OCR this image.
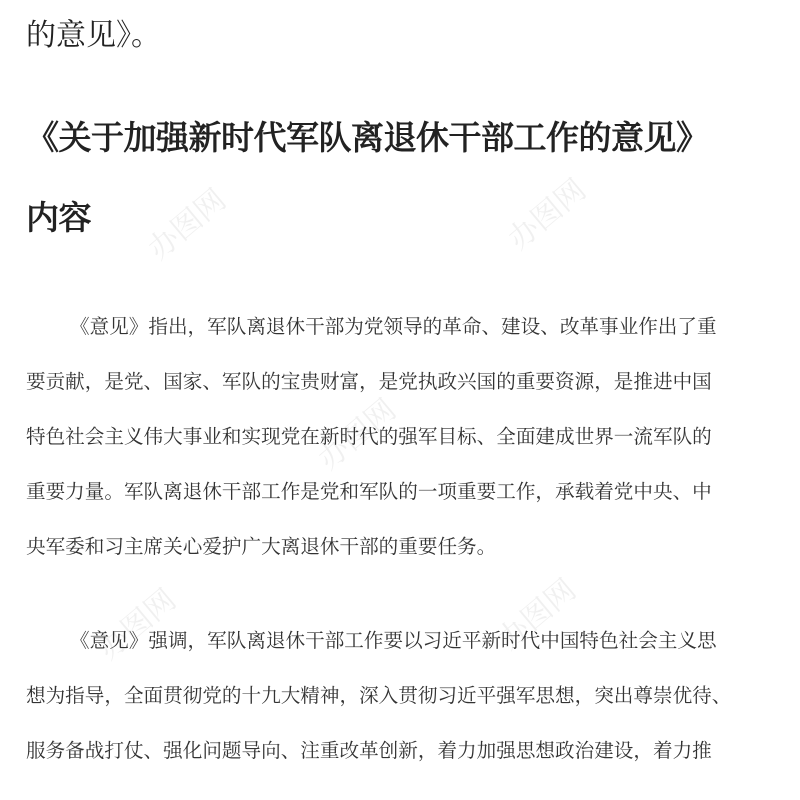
办图网	办图网
办图网
办图网	办图网
的意见》。
《关于加强新时代军队离退休干部工作的意见》
内容
《意见》指出，军队离退休干部为党领导的革命、建设、改革事业作出了重
要贡献，是党、国家、军队的宝贵财富，是党执政兴国的重要资源，是推进中国
特色社会主义伟大事业和实现党在新时代的强军目标、全面建成世界一流军队的
重要力量。军队离退休干部工作是党和军队的一项重要工作，承载着党中央、中
央军委和习主席关心爱护广大离退休干部的重要任务。
《意见》强调，军队离退休干部工作要以习近平新时代中国特色社会主义思
想为指导，全面贯彻党的十九大精神，深入贯彻习近平强军思想，突出尊崇优待、
服务备战打仗、强化问题导向、注重改革创新，着力加强思想政治建设，着力推
